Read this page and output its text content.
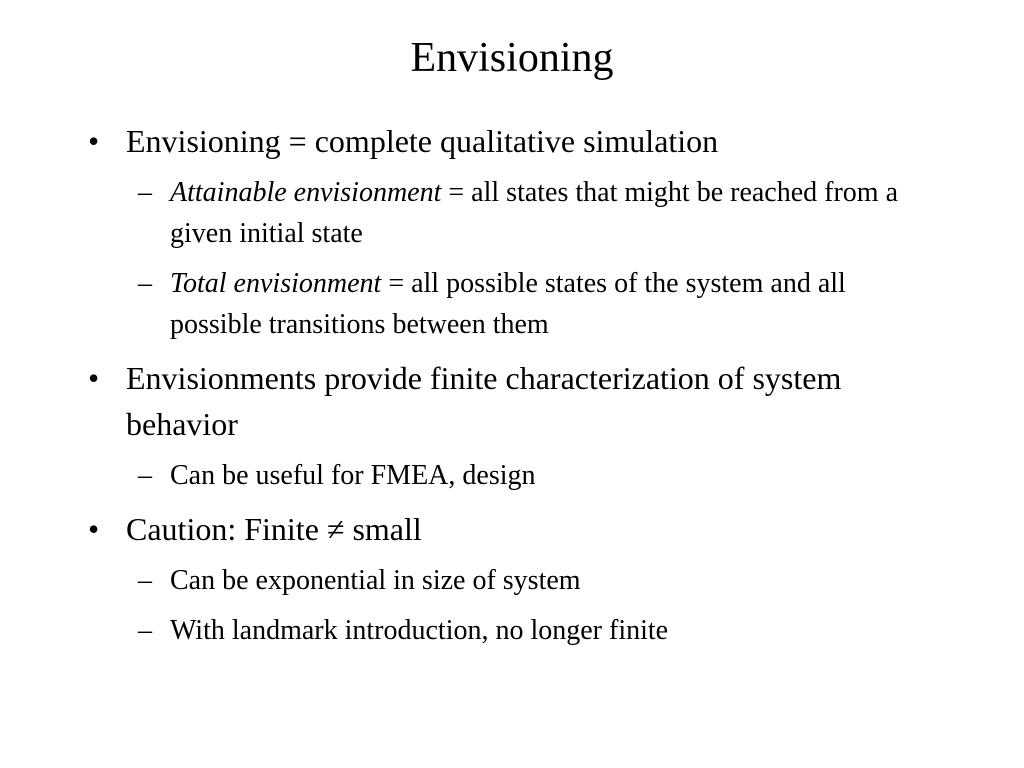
Envisioning
• Envisioning = complete qualitative simulation
– Attainable envisionment = all states that might be reached from a given initial state
– Total envisionment = all possible states of the system and all possible transitions between them
• Envisionments provide finite characterization of system behavior
– Can be useful for FMEA, design
• Caution: Finite ≠ small
– Can be exponential in size of system
– With landmark introduction, no longer finite
